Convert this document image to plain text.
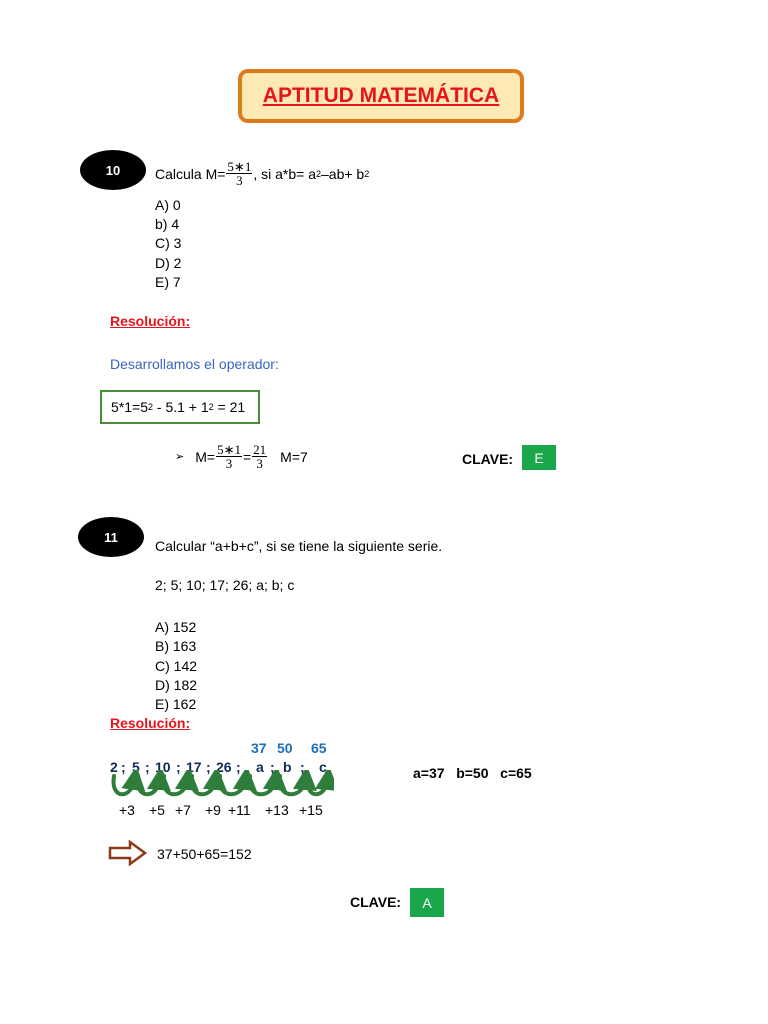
APTITUD MATEMÁTICA
10 Calcula $M= \frac{5∗1}{3}$ , si a*b= a 2 –ab+ b 2
A) 0
b) 4
C) 3
D) 2
E) 7
Resolución:
Desarrollamos el operador:
5*1=5 2 - 5.1 + 1 2 = 21
➢ $M= \frac{5∗1}{3} = \frac{21}{3} M=7$	CLAVE: E
11
Calcular “a+b+c”, si se tiene la siguiente serie.
2; 5; 10; 17; 26; a; b; c
A) 152
B) 163
C) 142
D) 182
E) 162
Resolución:
37 50 65
2 ; 5 ; 10 ; 17 ; 26 ; a ; b ; c
+3 +5 +7 +9 +11 +13 +15
a=37   b=50   c=65
37+50+65=152
CLAVE: A
